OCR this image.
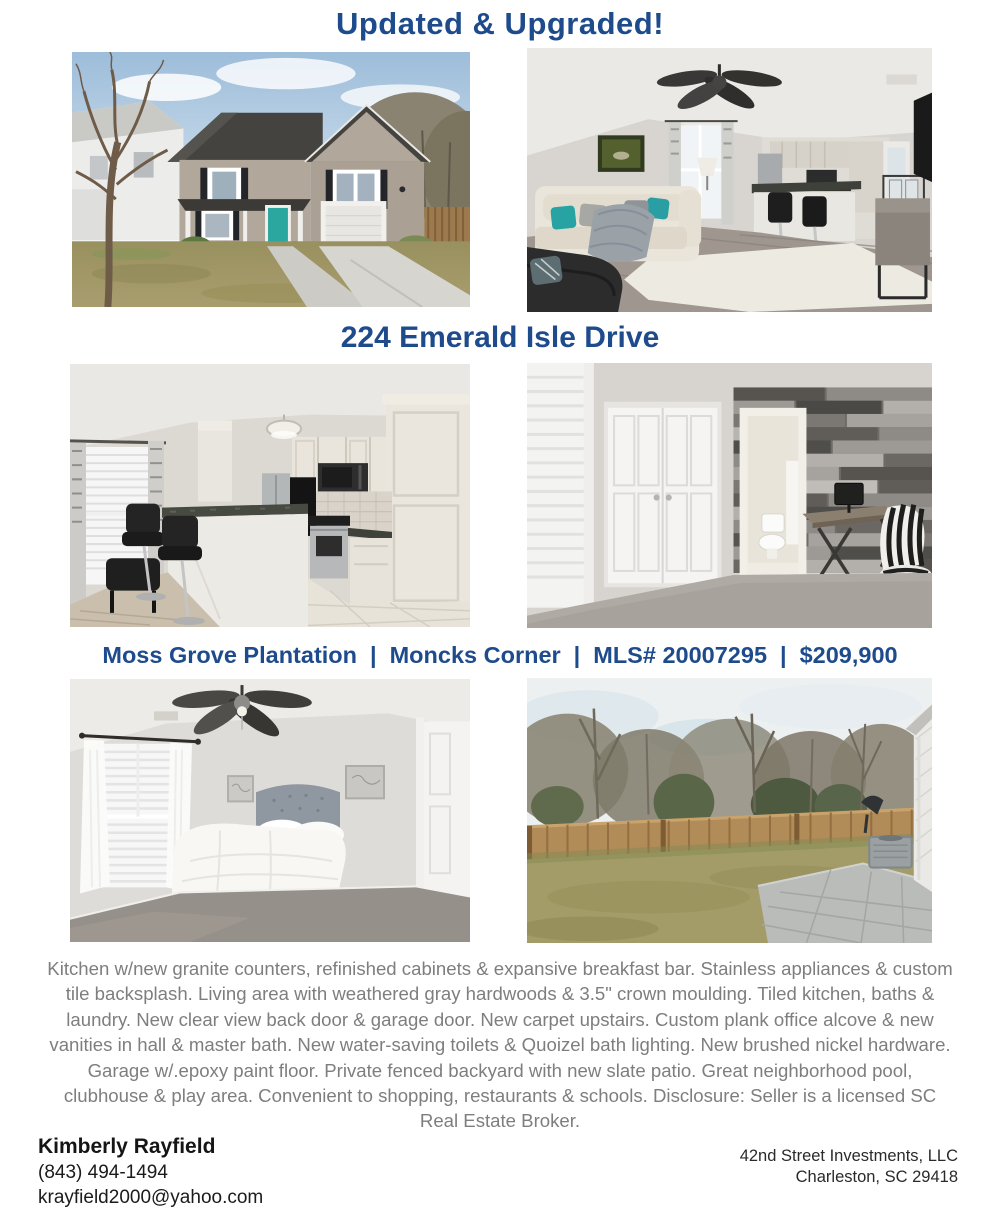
Updated & Upgraded!
224 Emerald Isle Drive
Moss Grove Plantation | Moncks Corner | MLS# 20007295 | $209,900
Kitchen w/new granite counters, refinished cabinets & expansive breakfast bar. Stainless appliances & custom tile backsplash. Living area with weathered gray hardwoods & 3.5" crown moulding. Tiled kitchen, baths & laundry. New clear view back door & garage door. New carpet upstairs. Custom plank office alcove & new vanities in hall & master bath. New water-saving toilets & Quoizel bath lighting. New brushed nickel hardware. Garage w/.epoxy paint floor. Private fenced backyard with new slate patio. Great neighborhood pool, clubhouse & play area. Convenient to shopping, restaurants & schools. Disclosure: Seller is a licensed SC Real Estate Broker.
Kimberly Rayfield
(843) 494-1494
krayfield2000@yahoo.com
42nd Street Investments, LLC
Charleston, SC 29418
